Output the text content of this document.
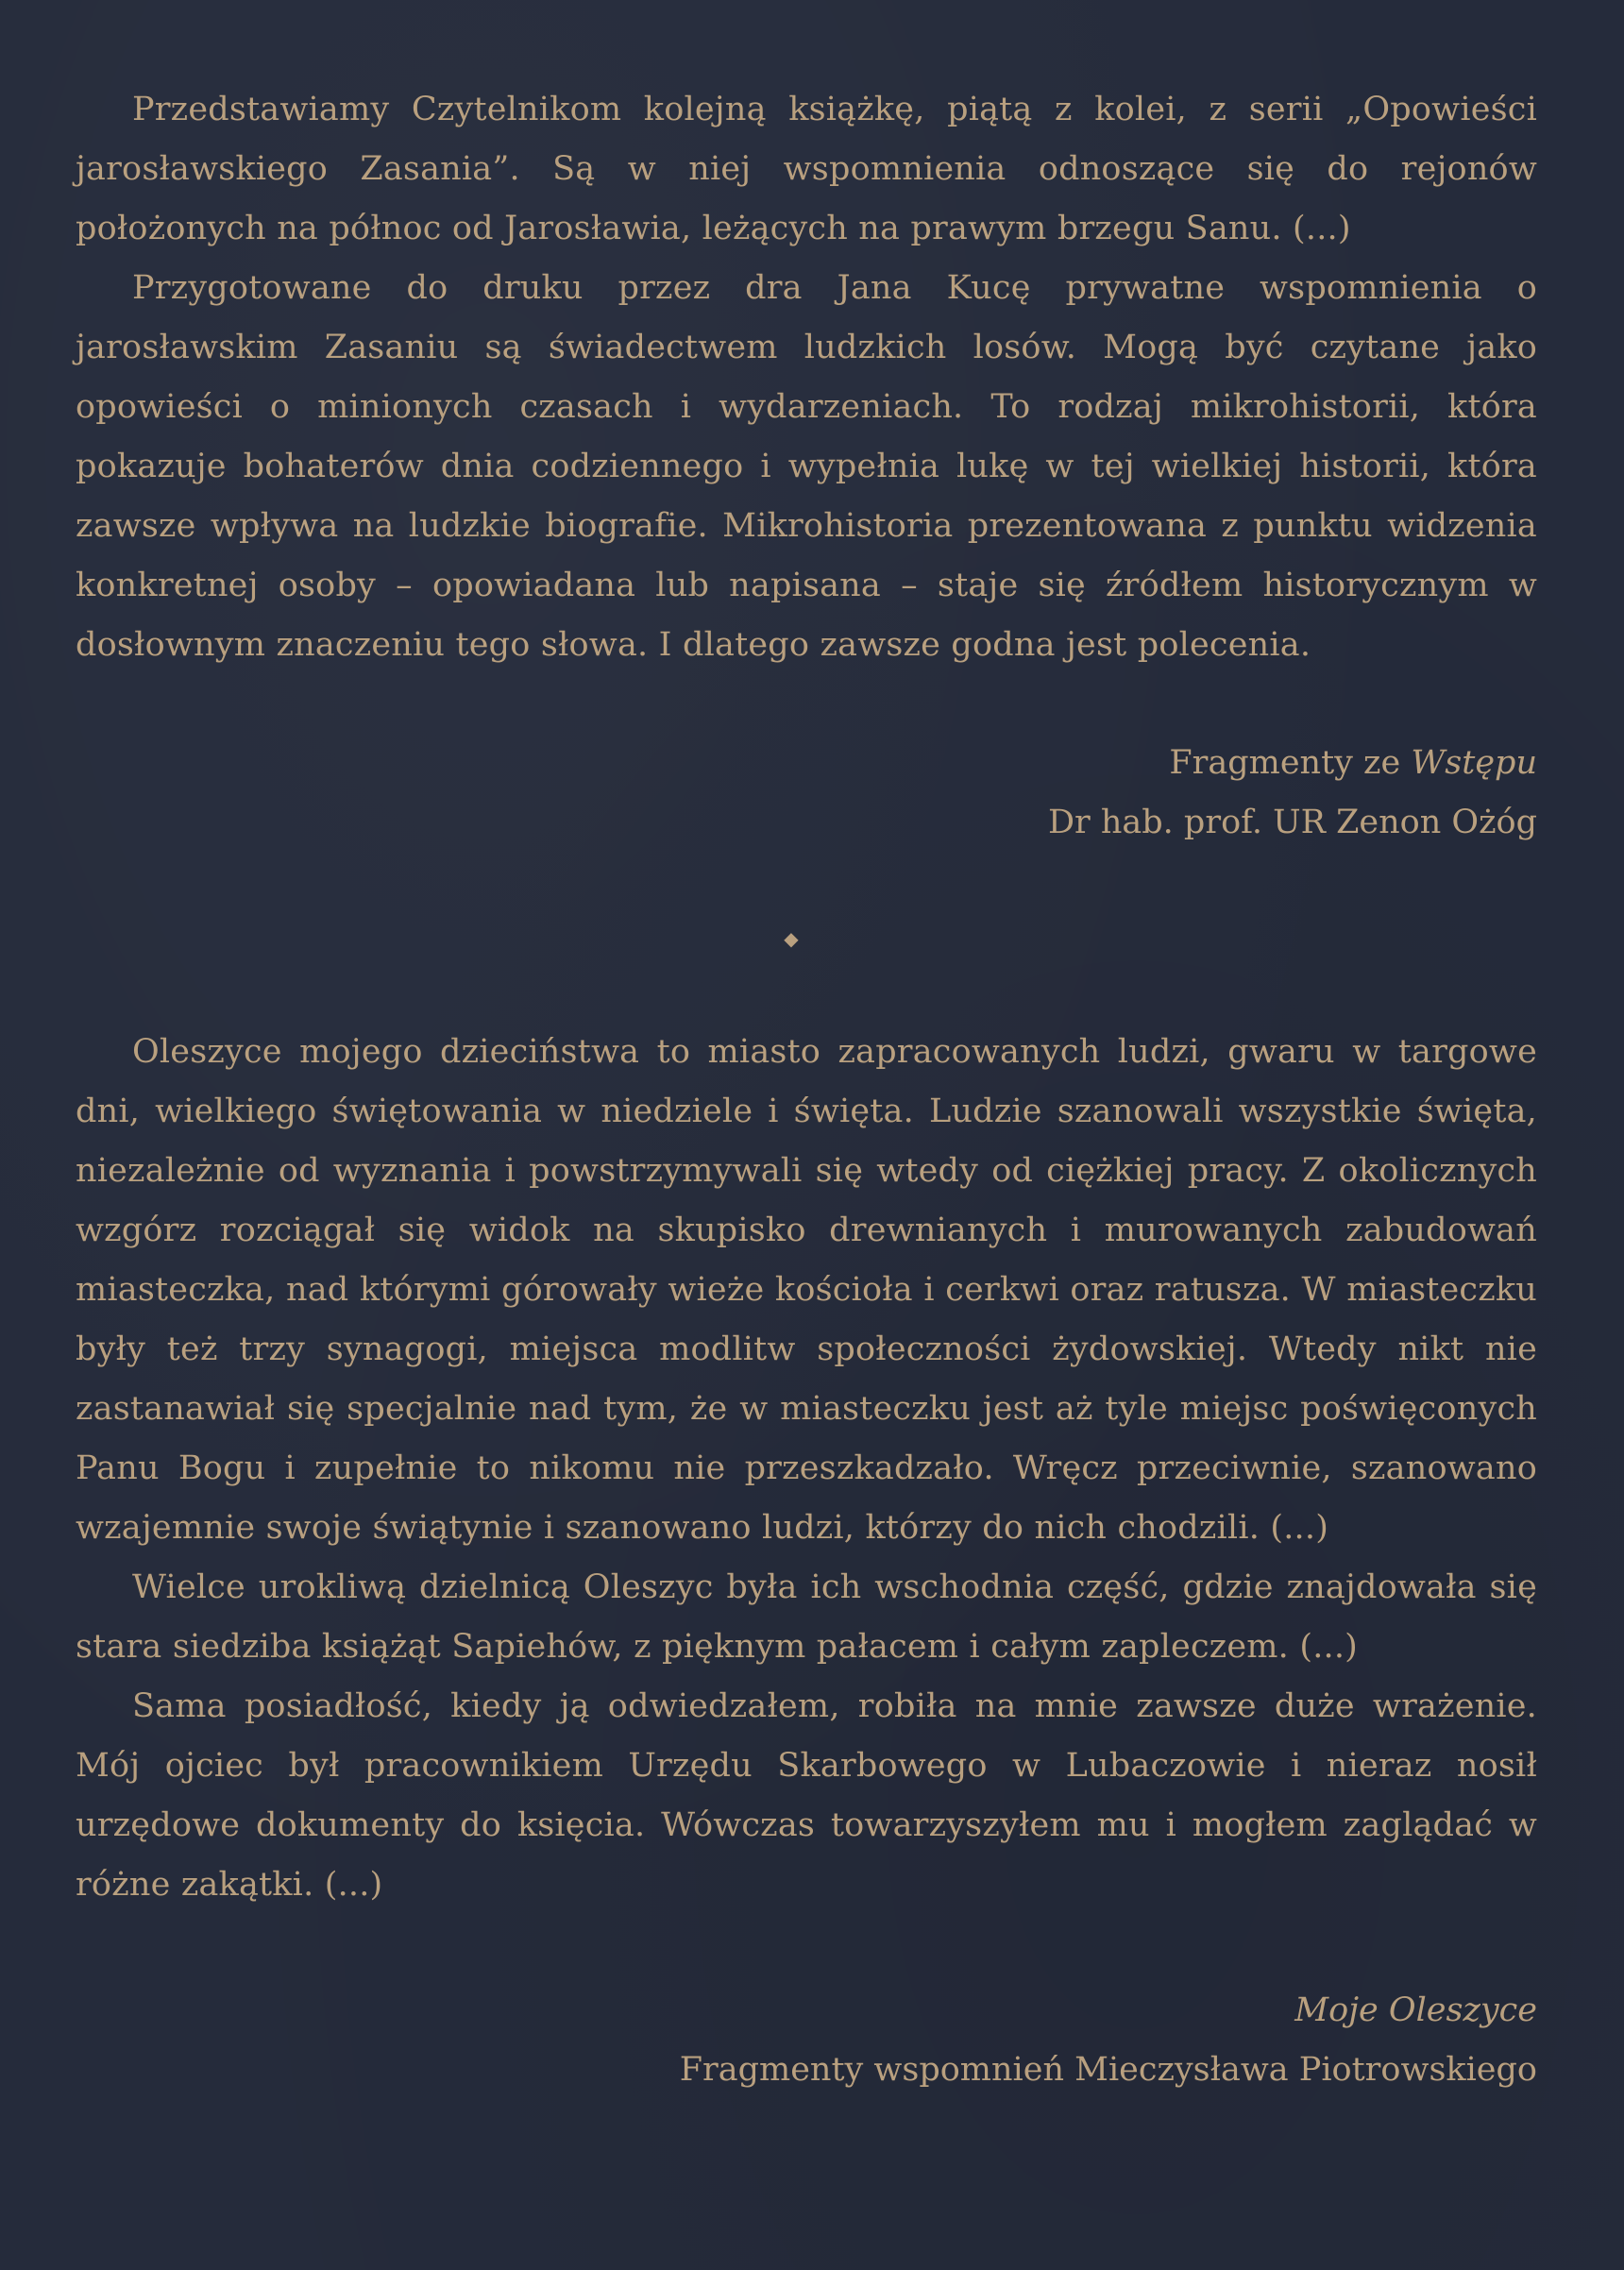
Przedstawiamy Czytelnikom kolejną książkę, piątą z kolei, z serii „Opowieści jarosławskiego Zasania”. Są w niej wspomnienia odnoszące się do rejonów położonych na północ od Jarosławia, leżących na prawym brzegu Sanu. (...)

Przygotowane do druku przez dra Jana Kucę prywatne wspomnienia o jarosławskim Zasaniu są świadectwem ludzkich losów. Mogą być czytane jako opowieści o minionych czasach i wydarzeniach. To rodzaj mikrohistorii, która pokazuje bohaterów dnia codziennego i wypełnia lukę w tej wielkiej historii, która zawsze wpływa na ludzkie biografie. Mikrohistoria prezentowana z punktu widzenia konkretnej osoby – opowiadana lub napisana – staje się źródłem historycznym w dosłownym znaczeniu tego słowa. I dlatego zawsze godna jest polecenia.

Fragmenty ze Wstępu
Dr hab. prof. UR Zenon Ożóg
◆

Oleszyce mojego dzieciństwa to miasto zapracowanych ludzi, gwaru w targowe dni, wielkiego świętowania w niedziele i święta. Ludzie szanowali wszystkie święta, niezależnie od wyznania i powstrzymywali się wtedy od ciężkiej pracy. Z okolicznych wzgórz rozciągał się widok na skupisko drewnianych i murowanych zabudowań miasteczka, nad którymi górowały wieże kościoła i cerkwi oraz ratusza. W miasteczku były też trzy synagogi, miejsca modlitw społeczności żydowskiej. Wtedy nikt nie zastanawiał się specjalnie nad tym, że w miasteczku jest aż tyle miejsc poświęconych Panu Bogu i zupełnie to nikomu nie przeszkadzało. Wręcz przeciwnie, szanowano wzajemnie swoje świątynie i szanowano ludzi, którzy do nich chodzili. (...)

Wielce urokliwą dzielnicą Oleszyc była ich wschodnia część, gdzie znajdowała się stara siedziba książąt Sapiehów, z pięknym pałacem i całym zapleczem. (...)

Sama posiadłość, kiedy ją odwiedzałem, robiła na mnie zawsze duże wrażenie. Mój ojciec był pracownikiem Urzędu Skarbowego w Lubaczowie i nieraz nosił urzędowe dokumenty do księcia. Wówczas towarzyszyłem mu i mogłem zaglądać w różne zakątki. (...)

Moje Oleszyce
Fragmenty wspomnień Mieczysława Piotrowskiego
